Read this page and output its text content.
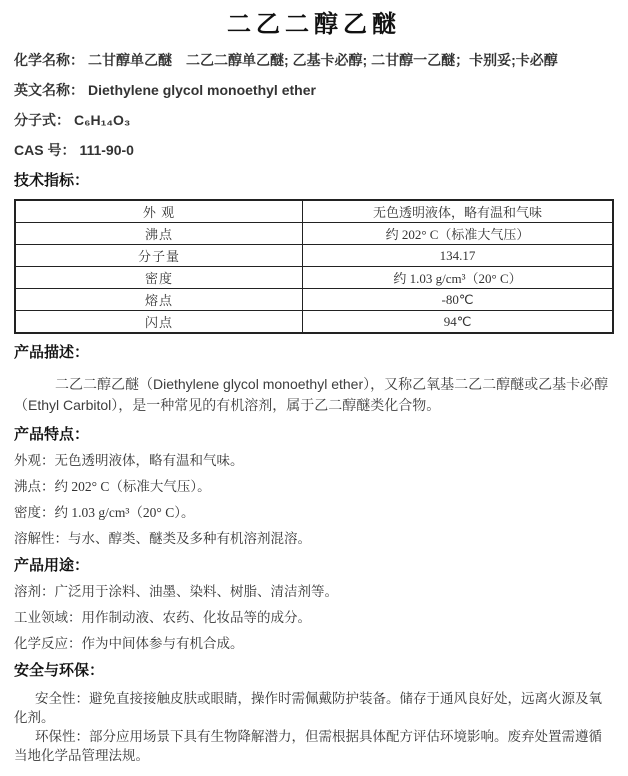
二乙二醇乙醚
化学名称： 二甘醇单乙醚　二乙二醇单乙醚; 乙基卡必醇; 二甘醇一乙醚；卡别妥;卡必醇
英文名称： Diethylene glycol monoethyl ether
分子式： C₆H₁₄O₃
CAS 号： 111-90-0
技术指标：
外 观	无色透明液体，略有温和气味
沸点	约 202° C（标准大气压）
分子量	134.17
密度	约 1.03 g/cm³（20° C）
熔点	-80℃
闪点	94℃
产品描述：

二乙二醇乙醚（Diethylene glycol monoethyl ether），又称乙氧基二乙二醇醚或乙基卡必醇（Ethyl Carbitol），是一种常见的有机溶剂，属于乙二醇醚类化合物。

产品特点：
外观：无色透明液体，略有温和气味。
沸点：约 202° C（标准大气压）。
密度：约 1.03 g/cm³（20° C）。
溶解性：与水、醇类、醚类及多种有机溶剂混溶。
产品用途：
溶剂：广泛用于涂料、油墨、染料、树脂、清洁剂等。
工业领域：用作制动液、农药、化妆品等的成分。
化学反应：作为中间体参与有机合成。
安全与环保：

安全性：避免直接接触皮肤或眼睛，操作时需佩戴防护装备。储存于通风良好处，远离火源及氧化剂。

环保性：部分应用场景下具有生物降解潜力，但需根据具体配方评估环境影响。废弃处置需遵循当地化学品管理法规。
